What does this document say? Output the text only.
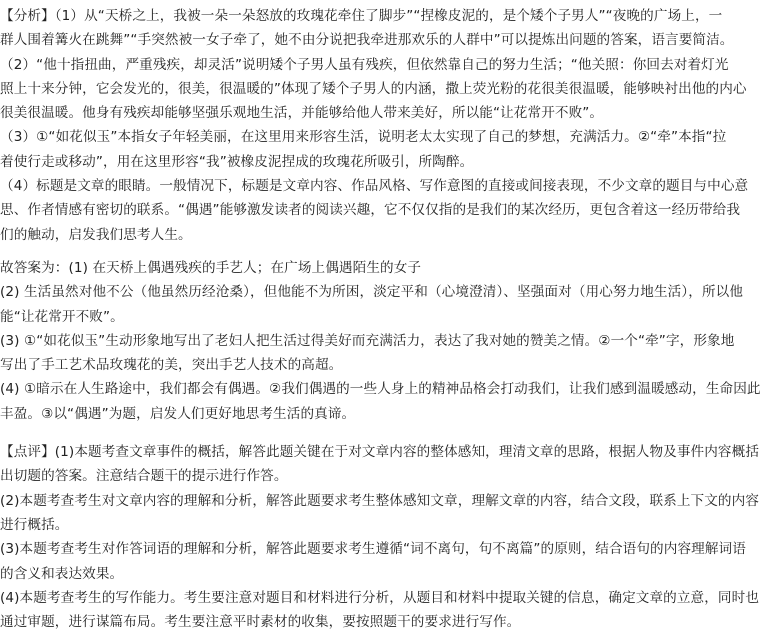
【分析】（1）从“天桥之上，我被一朵一朵怒放的玫瑰花牵住了脚步”“捏橡皮泥的，是个矮个子男人”“夜晚的广场上，一
群人围着篝火在跳舞”“手突然被一女子牵了，她不由分说把我牵进那欢乐的人群中”可以提炼出问题的答案，语言要简洁。
（2）“他十指扭曲，严重残疾，却灵活”说明矮个子男人虽有残疾，但依然靠自己的努力生活；“他关照：你回去对着灯光
照上十来分钟，它会发光的，很美，很温暖的”体现了矮个子男人的内涵，撒上荧光粉的花很美很温暖，能够映衬出他的内心
很美很温暖。他身有残疾却能够坚强乐观地生活，并能够给他人带来美好，所以能“让花常开不败”。
（3）①“如花似玉”本指女子年轻美丽，在这里用来形容生活，说明老太太实现了自己的梦想，充满活力。②“牵”本指“拉
着使行走或移动”，用在这里形容“我”被橡皮泥捏成的玫瑰花所吸引，所陶醉。
（4）标题是文章的眼睛。一般情况下，标题是文章内容、作品风格、写作意图的直接或间接表现，不少文章的题目与中心意
思、作者情感有密切的联系。“偶遇”能够激发读者的阅读兴趣，它不仅仅指的是我们的某次经历，更包含着这一经历带给我
们的触动，启发我们思考人生。
故答案为：(1) 在天桥上偶遇残疾的手艺人；在广场上偶遇陌生的女子
(2) 生活虽然对他不公（他虽然历经沧桑），但他能不为所困，淡定平和（心境澄清）、坚强面对（用心努力地生活），所以他
能“让花常开不败”。
(3) ①“如花似玉”生动形象地写出了老妇人把生活过得美好而充满活力，表达了我对她的赞美之情。②一个“牵”字，形象地
写出了手工艺术品玫瑰花的美，突出手艺人技术的高超。
(4) ①暗示在人生路途中，我们都会有偶遇。②我们偶遇的一些人身上的精神品格会打动我们，让我们感到温暖感动，生命因此
丰盈。③以“偶遇”为题，启发人们更好地思考生活的真谛。
【点评】(1)本题考查文章事件的概括，解答此题关键在于对文章内容的整体感知，理清文章的思路，根据人物及事件内容概括
出切题的答案。注意结合题干的提示进行作答。
(2)本题考查考生对文章内容的理解和分析，解答此题要求考生整体感知文章，理解文章的内容，结合文段，联系上下文的内容
进行概括。
(3)本题考查考生对作答词语的理解和分析，解答此题要求考生遵循“词不离句，句不离篇”的原则，结合语句的内容理解词语
的含义和表达效果。
(4)本题考查考生的写作能力。考生要注意对题目和材料进行分析，从题目和材料中提取关键的信息，确定文章的立意，同时也
通过审题，进行谋篇布局。考生要注意平时素材的收集，要按照题干的要求进行写作。
